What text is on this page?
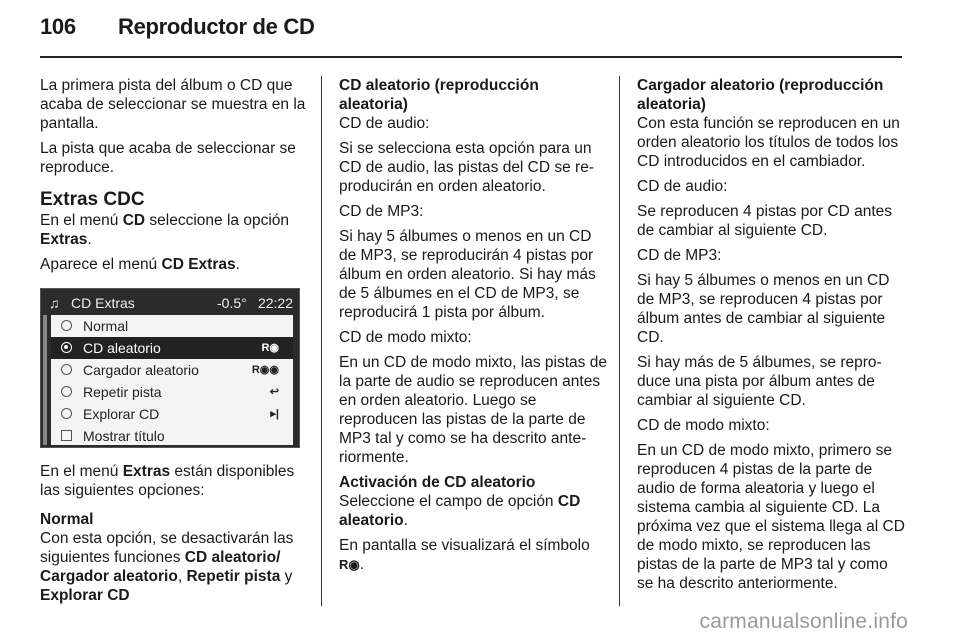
106 Reproductor de CD

La primera pista del álbum o CD que acaba de seleccionar se muestra en la pantalla.

La pista que acaba de seleccionar se reproduce.

Extras CDC

En el menú CD seleccione la opción Extras.

Aparece el menú CD Extras.

♫ CD Extras	-0.5° 22:22
Normal
CD aleatorio	R◉
Cargador aleatorio	R◉◉
Repetir pista	↩
Explorar CD	▸|
Mostrar título

En el menú Extras están disponibles las siguientes opciones:

Normal

Con esta opción, se desactivarán las siguientes funciones CD aleatorio/ Cargador aleatorio, Repetir pista y Explorar CD

CD aleatorio (reproducción aleatoria)

CD de audio:

Si se selecciona esta opción para un CD de audio, las pistas del CD se re-producirán en orden aleatorio.

CD de MP3:

Si hay 5 álbumes o menos en un CD de MP3, se reproducirán 4 pistas por álbum en orden aleatorio. Si hay más de 5 álbumes en el CD de MP3, se reproducirá 1 pista por álbum.

CD de modo mixto:

En un CD de modo mixto, las pistas de la parte de audio se reproducen antes en orden aleatorio. Luego se reproducen las pistas de la parte de MP3 tal y como se ha descrito ante-riormente.

Activación de CD aleatorio

Seleccione el campo de opción CD aleatorio.

En pantalla se visualizará el símbolo R◉.

Cargador aleatorio (reproducción aleatoria)

Con esta función se reproducen en un orden aleatorio los títulos de todos los CD introducidos en el cambiador.

CD de audio:

Se reproducen 4 pistas por CD antes de cambiar al siguiente CD.

CD de MP3:

Si hay 5 álbumes o menos en un CD de MP3, se reproducen 4 pistas por álbum antes de cambiar al siguiente CD.

Si hay más de 5 álbumes, se repro-duce una pista por álbum antes de cambiar al siguiente CD.

CD de modo mixto:

En un CD de modo mixto, primero se reproducen 4 pistas de la parte de audio de forma aleatoria y luego el sistema cambia al siguiente CD. La próxima vez que el sistema llega al CD de modo mixto, se reproducen las pistas de la parte de MP3 tal y como se ha descrito anteriormente.

carmanualsonline.info
